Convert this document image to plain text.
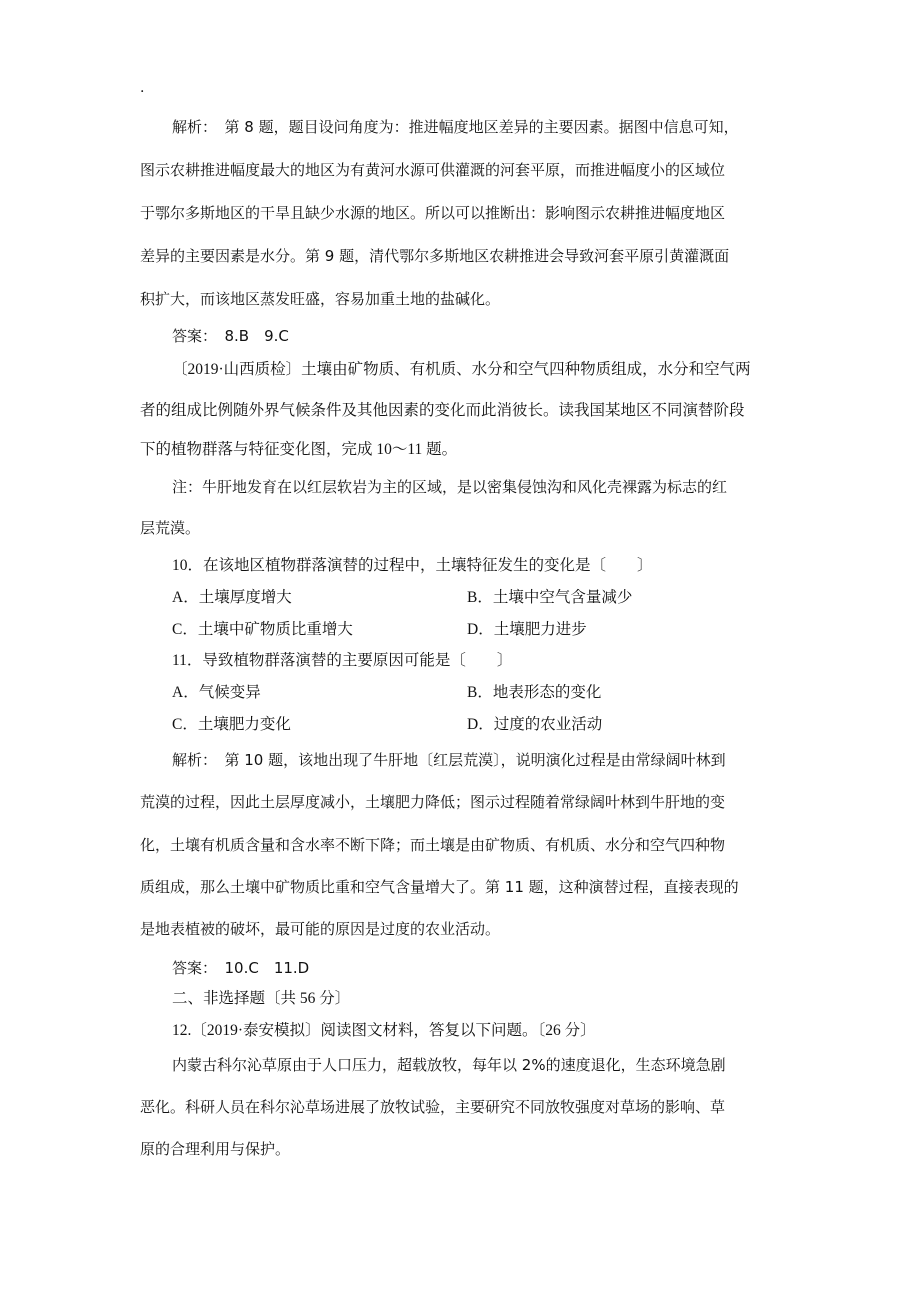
·
解析：　第 8 题，题目设问角度为：推进幅度地区差异的主要因素。据图中信息可知，
图示农耕推进幅度最大的地区为有黄河水源可供灌溉的河套平原，而推进幅度小的区域位
于鄂尔多斯地区的干旱且缺少水源的地区。所以可以推断出：影响图示农耕推进幅度地区
差异的主要因素是水分。第 9 题，清代鄂尔多斯地区农耕推进会导致河套平原引黄灌溉面
积扩大，而该地区蒸发旺盛，容易加重土地的盐碱化。
答案：　8.B　9.C
〔2019·山西质检〕土壤由矿物质、有机质、水分和空气四种物质组成，水分和空气两
者的组成比例随外界气候条件及其他因素的变化而此消彼长。读我国某地区不同演替阶段
下的植物群落与特征变化图，完成 10～11 题。
注：牛肝地发育在以红层软岩为主的区域，是以密集侵蚀沟和风化壳裸露为标志的红
层荒漠。
10．在该地区植物群落演替的过程中，土壤特征发生的变化是〔　　〕
A．土壤厚度增大	B．土壤中空气含量减少
C．土壤中矿物质比重增大	D．土壤肥力进步
11．导致植物群落演替的主要原因可能是〔　　〕
A．气候变异	B．地表形态的变化
C．土壤肥力变化	D．过度的农业活动
解析：　第 10 题，该地出现了牛肝地〔红层荒漠〕，说明演化过程是由常绿阔叶林到
荒漠的过程，因此土层厚度减小，土壤肥力降低；图示过程随着常绿阔叶林到牛肝地的变
化，土壤有机质含量和含水率不断下降；而土壤是由矿物质、有机质、水分和空气四种物
质组成，那么土壤中矿物质比重和空气含量增大了。第 11 题，这种演替过程，直接表现的
是地表植被的破坏，最可能的原因是过度的农业活动。
答案：　10.C　11.D
二、非选择题〔共 56 分〕
12.〔2019·泰安模拟〕阅读图文材料，答复以下问题。〔26 分〕
内蒙古科尔沁草原由于人口压力，超载放牧，每年以 2%的速度退化，生态环境急剧
恶化。科研人员在科尔沁草场进展了放牧试验，主要研究不同放牧强度对草场的影响、草
原的合理利用与保护。
